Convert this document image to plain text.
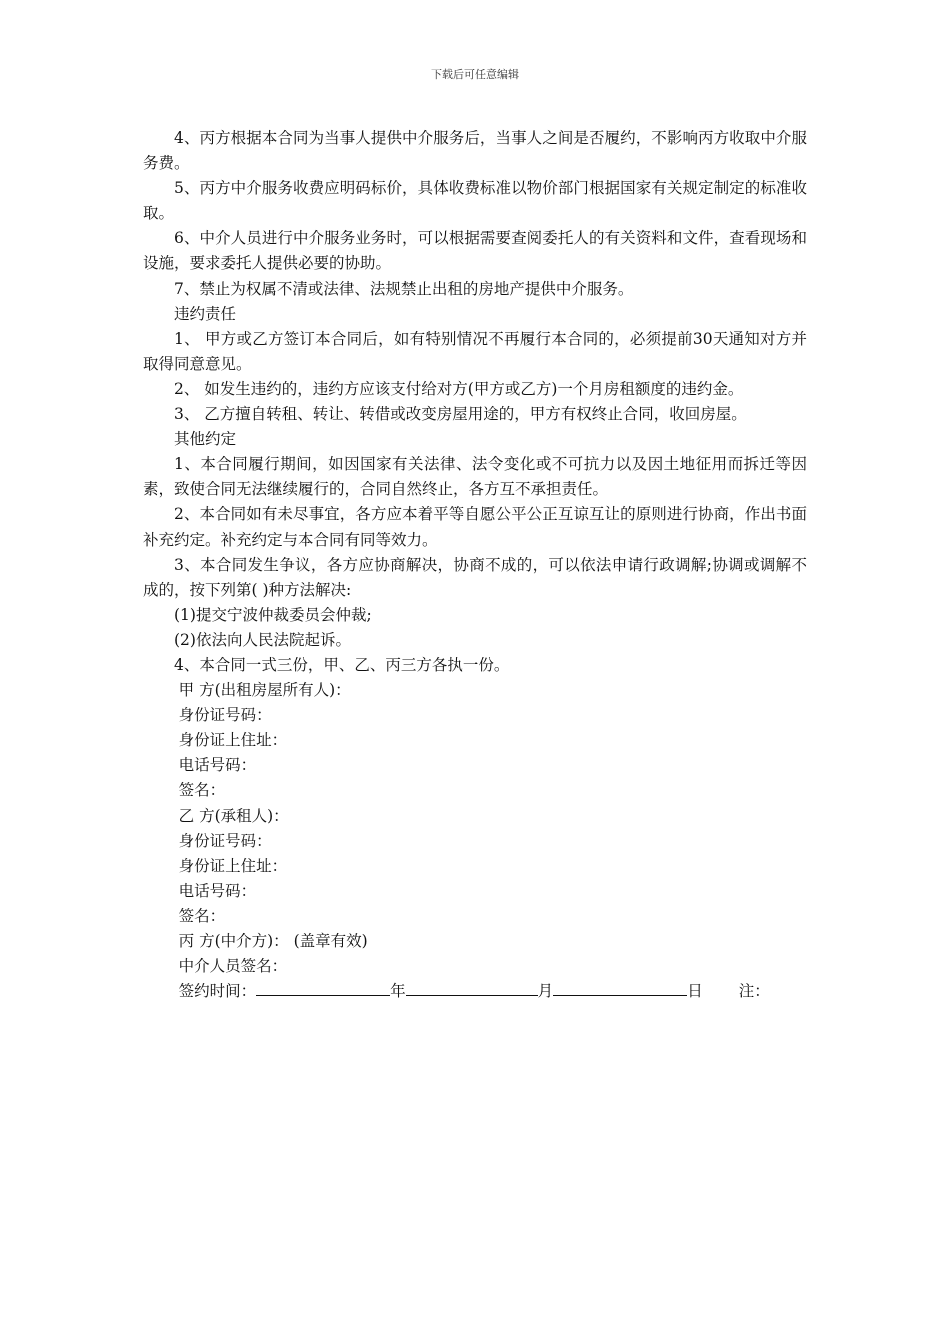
下载后可任意编辑

4、丙方根据本合同为当事人提供中介服务后，当事人之间是否履约，不影响丙方收取中介服务费。

5、丙方中介服务收费应明码标价，具体收费标准以物价部门根据国家有关规定制定的标准收取。

6、中介人员进行中介服务业务时，可以根据需要查阅委托人的有关资料和文件，查看现场和设施，要求委托人提供必要的协助。

7、禁止为权属不清或法律、法规禁止出租的房地产提供中介服务。

违约责任

1、 甲方或乙方签订本合同后，如有特别情况不再履行本合同的，必须提前30天通知对方并取得同意意见。

2、 如发生违约的，违约方应该支付给对方(甲方或乙方)一个月房租额度的违约金。

3、 乙方擅自转租、转让、转借或改变房屋用途的，甲方有权终止合同，收回房屋。

其他约定

1、本合同履行期间，如因国家有关法律、法令变化或不可抗力以及因土地征用而拆迁等因素，致使合同无法继续履行的，合同自然终止，各方互不承担责任。

2、本合同如有未尽事宜，各方应本着平等自愿公平公正互谅互让的原则进行协商，作出书面补充约定。补充约定与本合同有同等效力。

3、本合同发生争议，各方应协商解决，协商不成的，可以依法申请行政调解;协调或调解不成的，按下列第( )种方法解决:

(1)提交宁波仲裁委员会仲裁;

(2)依法向人民法院起诉。

4、本合同一式三份，甲、乙、丙三方各执一份。

甲 方(出租房屋所有人)：

身份证号码：

身份证上住址：

电话号码：

签名：

乙 方(承租人)：

身份证号码：

身份证上住址：

电话号码：

签名：

丙 方(中介方)： (盖章有效)

中介人员签名：

签约时间：	年	月	日 注：
